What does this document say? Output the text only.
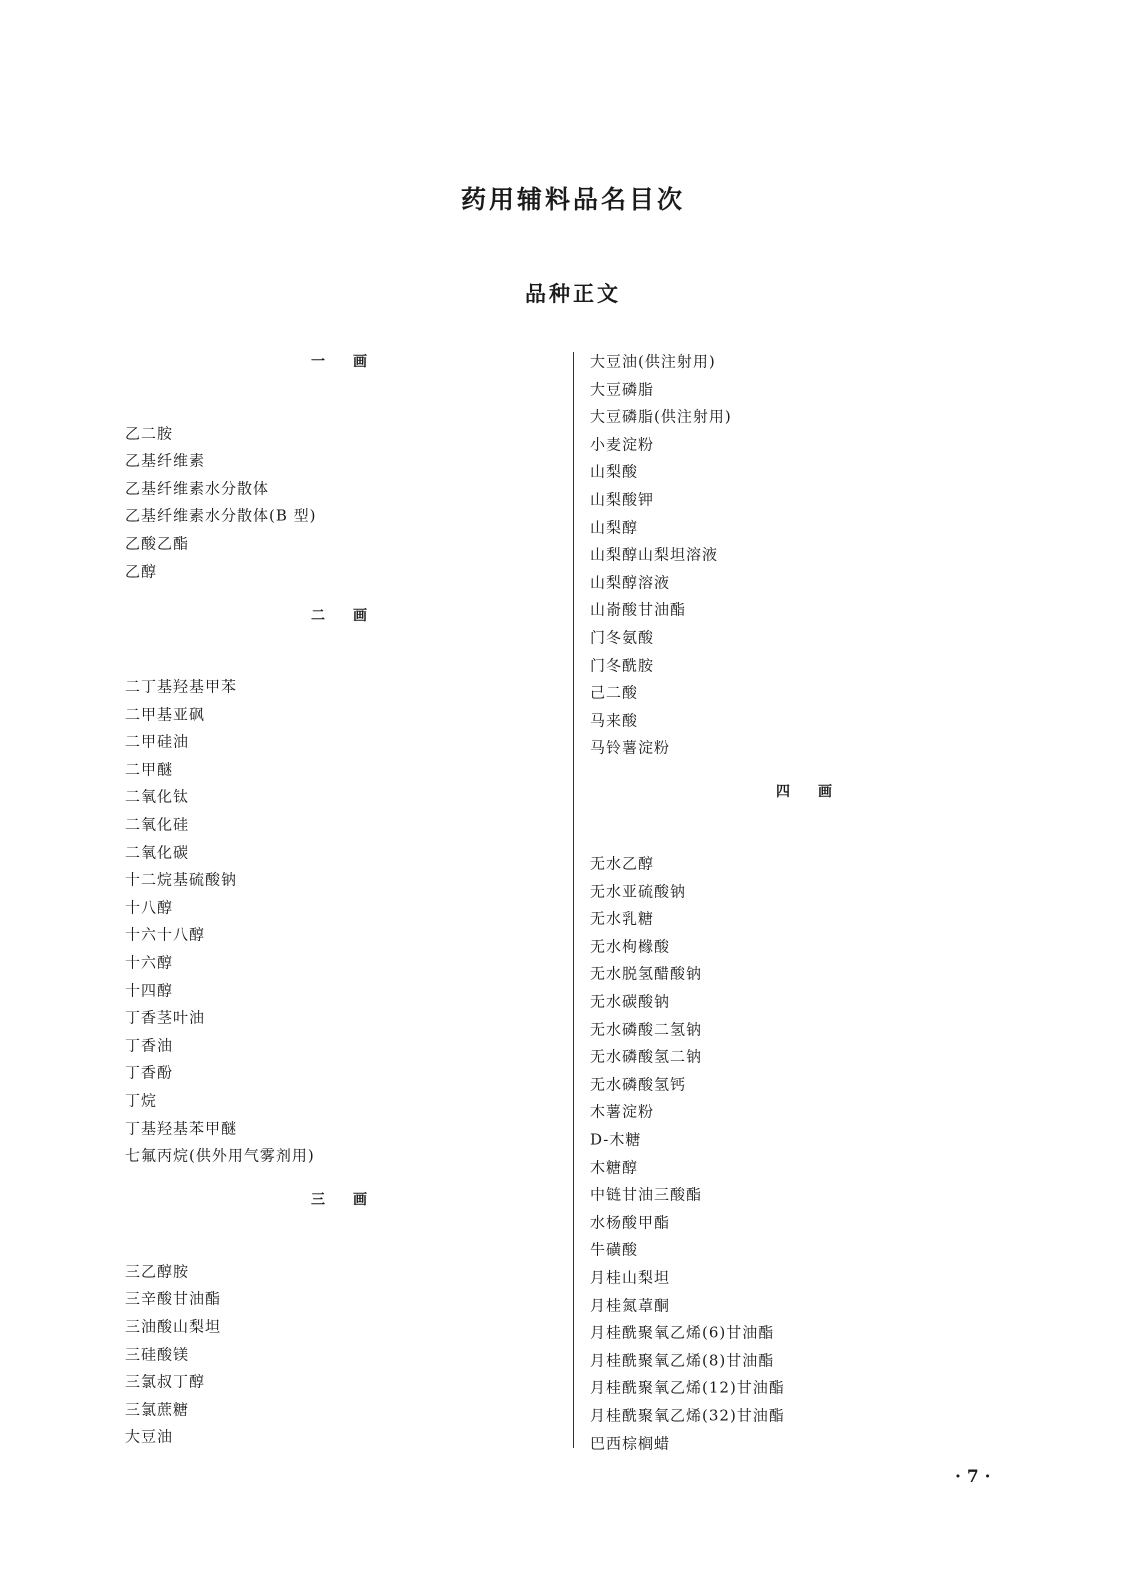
药用辅料品名目次
品种正文
一 画
乙二胺
乙基纤维素
乙基纤维素水分散体
乙基纤维素水分散体(B 型)
乙酸乙酯
乙醇
二 画
二丁基羟基甲苯
二甲基亚砜
二甲硅油
二甲醚
二氧化钛
二氧化硅
二氧化碳
十二烷基硫酸钠
十八醇
十六十八醇
十六醇
十四醇
丁香茎叶油
丁香油
丁香酚
丁烷
丁基羟基苯甲醚
七氟丙烷(供外用气雾剂用)
三 画
三乙醇胺
三辛酸甘油酯
三油酸山梨坦
三硅酸镁
三氯叔丁醇
三氯蔗糖
大豆油
大豆油(供注射用)
大豆磷脂
大豆磷脂(供注射用)
小麦淀粉
山梨酸
山梨酸钾
山梨醇
山梨醇山梨坦溶液
山梨醇溶液
山嵛酸甘油酯
门冬氨酸
门冬酰胺
己二酸
马来酸
马铃薯淀粉
四 画
无水乙醇
无水亚硫酸钠
无水乳糖
无水枸橼酸
无水脱氢醋酸钠
无水碳酸钠
无水磷酸二氢钠
无水磷酸氢二钠
无水磷酸氢钙
木薯淀粉
D-木糖
木糖醇
中链甘油三酸酯
水杨酸甲酯
牛磺酸
月桂山梨坦
月桂氮䓬酮
月桂酰聚氧乙烯(6)甘油酯
月桂酰聚氧乙烯(8)甘油酯
月桂酰聚氧乙烯(12)甘油酯
月桂酰聚氧乙烯(32)甘油酯
巴西棕榈蜡
· 7 ·
